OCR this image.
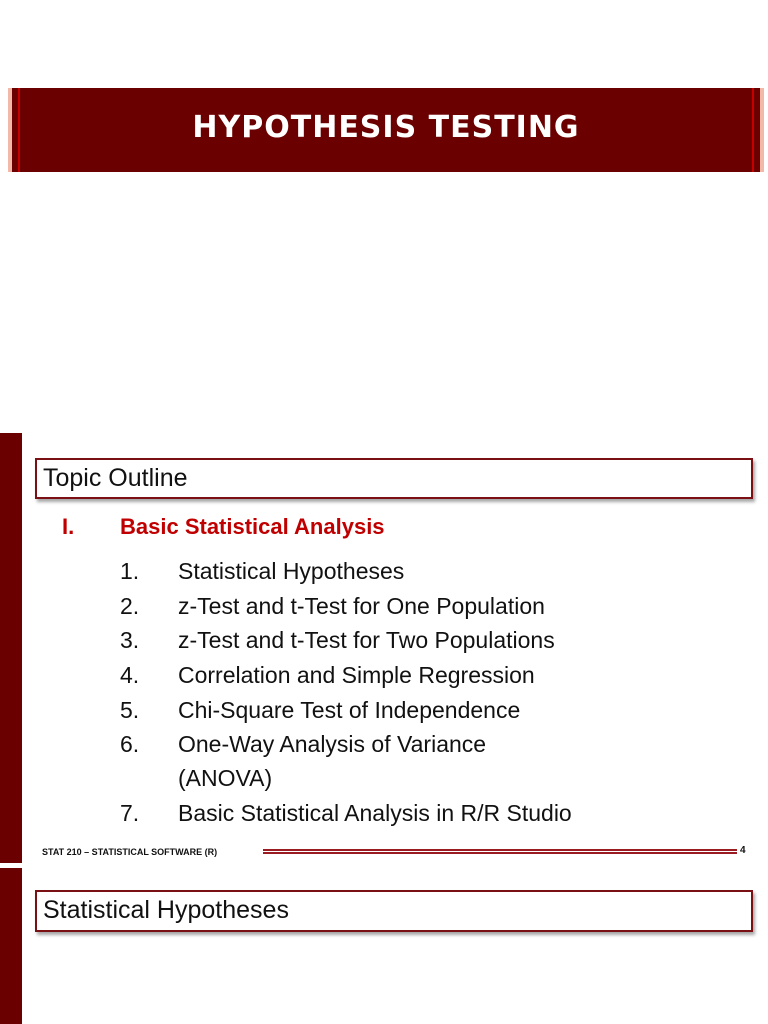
HYPOTHESIS TESTING
Topic Outline
I. Basic Statistical Analysis
1. Statistical Hypotheses
2. z-Test and t-Test for One Population
3. z-Test and t-Test for Two Populations
4. Correlation and Simple Regression
5. Chi-Square Test of Independence
6. One-Way Analysis of Variance
(ANOVA)
7. Basic Statistical Analysis in R/R Studio
STAT 210 – STATISTICAL SOFTWARE (R)	4
Statistical Hypotheses
